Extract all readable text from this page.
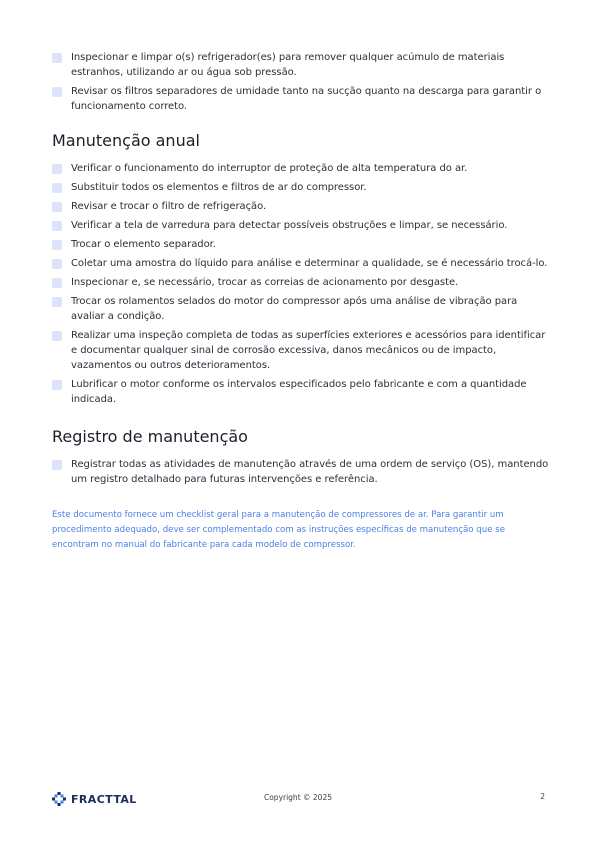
Inspecionar e limpar o(s) refrigerador(es) para remover qualquer acúmulo de materiais estranhos, utilizando ar ou água sob pressão.
Revisar os filtros separadores de umidade tanto na sucção quanto na descarga para garantir o funcionamento correto.
Manutenção anual
Verificar o funcionamento do interruptor de proteção de alta temperatura do ar.
Substituir todos os elementos e filtros de ar do compressor.
Revisar e trocar o filtro de refrigeração.
Verificar a tela de varredura para detectar possíveis obstruções e limpar, se necessário.
Trocar o elemento separador.
Coletar uma amostra do líquido para análise e determinar a qualidade, se é necessário trocá-lo.
Inspecionar e, se necessário, trocar as correias de acionamento por desgaste.
Trocar os rolamentos selados do motor do compressor após uma análise de vibração para avaliar a condição.
Realizar uma inspeção completa de todas as superfícies exteriores e acessórios para identificar e documentar qualquer sinal de corrosão excessiva, danos mecânicos ou de impacto, vazamentos ou outros deterioramentos.
Lubrificar o motor conforme os intervalos especificados pelo fabricante e com a quantidade indicada.
Registro de manutenção
Registrar todas as atividades de manutenção através de uma ordem de serviço (OS), mantendo um registro detalhado para futuras intervenções e referência.

Este documento fornece um checklist geral para a manutenção de compressores de ar. Para garantir um procedimento adequado, deve ser complementado com as instruções específicas de manutenção que se encontram no manual do fabricante para cada modelo de compressor.

FRACTTAL	Copyright © 2025	2
